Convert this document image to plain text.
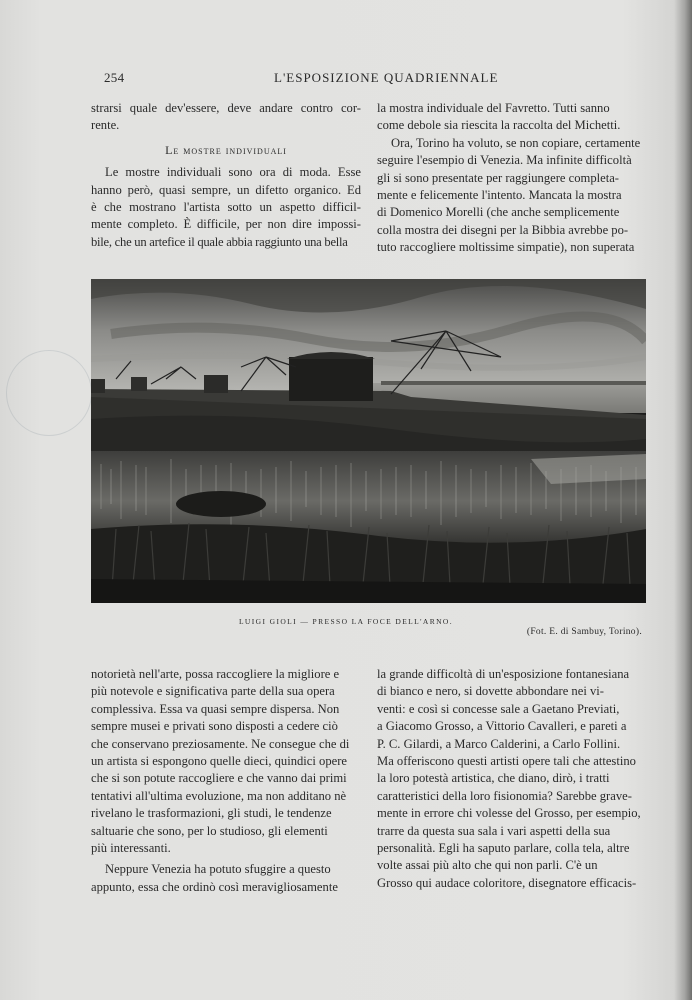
254	L'ESPOSIZIONE QUADRIENNALE

strarsi quale dev'essere, deve andare contro cor-
rente.

Le mostre individuali

Le mostre individuali sono ora di moda. Esse
hanno però, quasi sempre, un difetto organico. Ed
è che mostrano l'artista sotto un aspetto difficil-
mente completo. È difficile, per non dire impossi-
bile, che un artefice il quale abbia raggiunto una bella

la mostra individuale del Favretto. Tutti sanno
come debole sia riescita la raccolta del Michetti.

Ora, Torino ha voluto, se non copiare, certamente
seguire l'esempio di Venezia. Ma infinite difficoltà
gli si sono presentate per raggiungere completa-
mente e felicemente l'intento. Mancata la mostra
di Domenico Morelli (che anche semplicemente
colla mostra dei disegni per la Bibbia avrebbe po-
tuto raccogliere moltissime simpatie), non superata

LUIGI GIOLI — PRESSO LA FOCE DELL'ARNO.
(Fot. E. di Sambuy, Torino).

notorietà nell'arte, possa raccogliere la migliore e
più notevole e significativa parte della sua opera
complessiva. Essa va quasi sempre dispersa. Non
sempre musei e privati sono disposti a cedere ciò
che conservano preziosamente. Ne consegue che di
un artista si espongono quelle dieci, quindici opere
che si son potute raccogliere e che vanno dai primi
tentativi all'ultima evoluzione, ma non additano nè
rivelano le trasformazioni, gli studi, le tendenze
saltuarie che sono, per lo studioso, gli elementi
più interessanti.

Neppure Venezia ha potuto sfuggire a questo
appunto, essa che ordinò così meravigliosamente

la grande difficoltà di un'esposizione fontanesiana
di bianco e nero, si dovette abbondare nei vi-
venti: e così si concesse sale a Gaetano Previati,
a Giacomo Grosso, a Vittorio Cavalleri, e pareti a
P. C. Gilardi, a Marco Calderini, a Carlo Follini.
Ma offeriscono questi artisti opere tali che attestino
la loro potestà artistica, che diano, dirò, i tratti
caratteristici della loro fisionomia? Sarebbe grave-
mente in errore chi volesse del Grosso, per esempio,
trarre da questa sua sala i vari aspetti della sua
personalità. Egli ha saputo parlare, colla tela, altre
volte assai più alto che qui non parli. C'è un
Grosso qui audace coloritore, disegnatore efficacis-
